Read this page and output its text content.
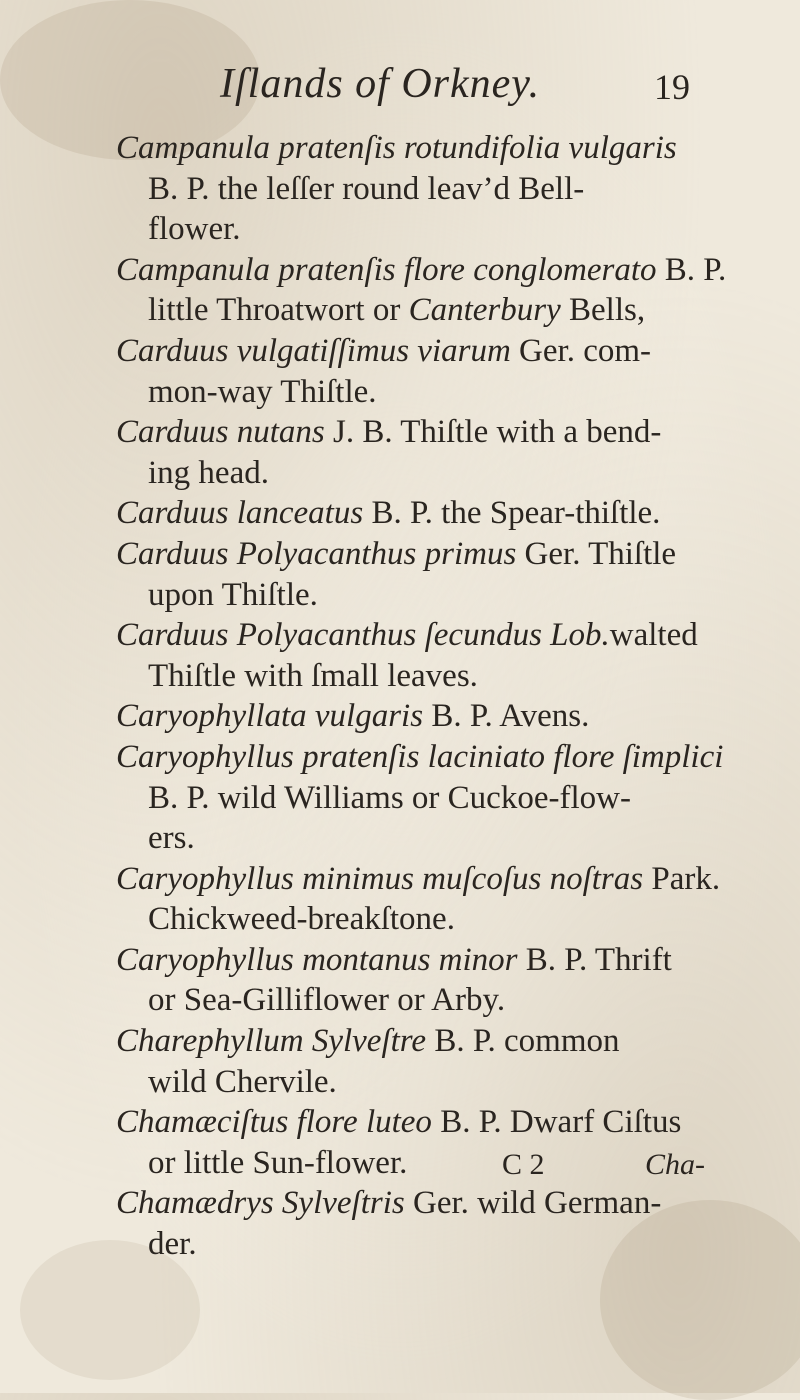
Iſlands of Orkney.	19

Campanula pratenſis rotundifolia vulgaris
B. P. the leſſer round leav’d Bell-
flower.

Campanula pratenſis flore conglomerato B. P.
little Throatwort or Canterbury Bells,

Carduus vulgatiſſimus viarum Ger. com-
mon-way Thiſtle.

Carduus nutans J. B. Thiſtle with a bend-
ing head.

Carduus lanceatus B. P. the Spear-thiſtle.

Carduus Polyacanthus primus Ger. Thiſtle
upon Thiſtle.

Carduus Polyacanthus ſecundus Lob.walted
Thiſtle with ſmall leaves.

Caryophyllata vulgaris B. P. Avens.

Caryophyllus pratenſis laciniato flore ſimplici
B. P. wild Williams or Cuckoe-flow-
ers.

Caryophyllus minimus muſcoſus noſtras Park.
Chickweed-breakſtone.

Caryophyllus montanus minor B. P. Thrift
or Sea-Gilliflower or Arby.

Charephyllum Sylveſtre B. P. common
wild Chervile.

Chamæciſtus flore luteo B. P. Dwarf Ciſtus
or little Sun-flower.

Chamædrys Sylveſtris Ger. wild German-
der.

C 2	Cha-
